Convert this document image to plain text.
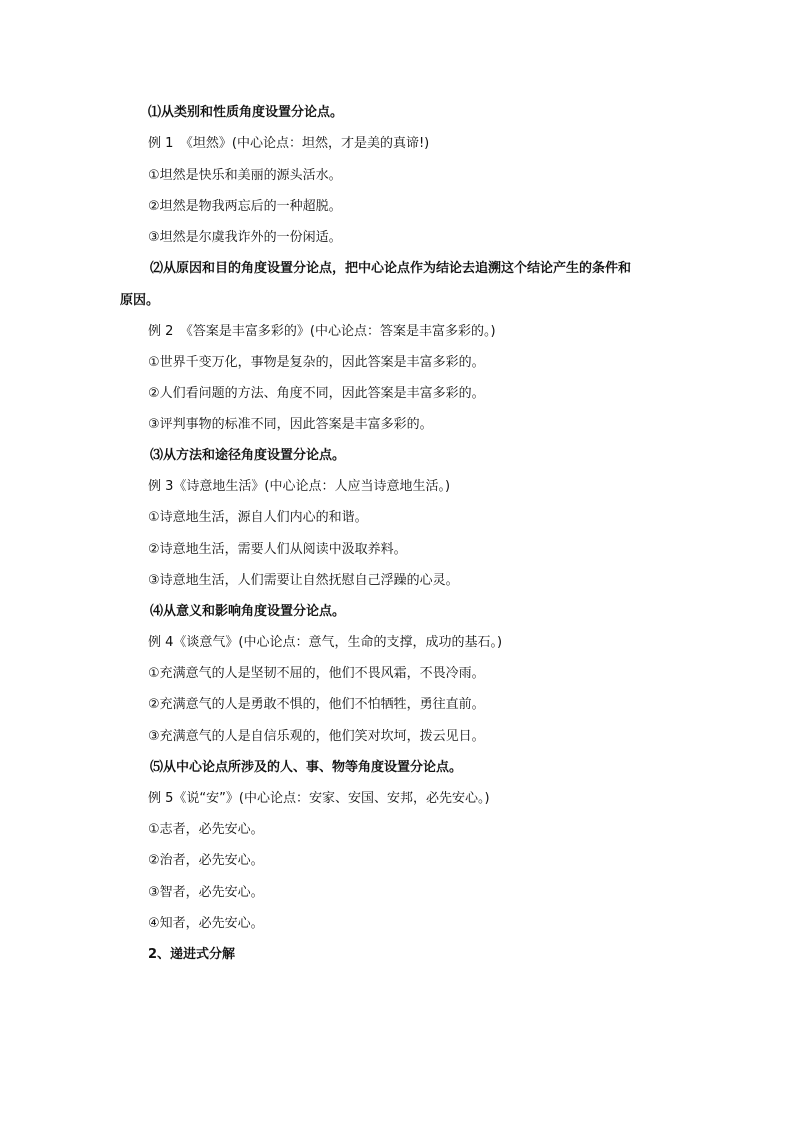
⑴从类别和性质角度设置分论点。
例 1　《坦然》(中心论点：坦然，才是美的真谛!)
①坦然是快乐和美丽的源头活水。
②坦然是物我两忘后的一种超脱。
③坦然是尔虞我诈外的一份闲适。
⑵从原因和目的角度设置分论点，把中心论点作为结论去追溯这个结论产生的条件和
原因。
例 2　《答案是丰富多彩的》(中心论点：答案是丰富多彩的。)
①世界千变万化，事物是复杂的，因此答案是丰富多彩的。
②人们看问题的方法、角度不同，因此答案是丰富多彩的。
③评判事物的标准不同，因此答案是丰富多彩的。
⑶从方法和途径角度设置分论点。
例 3《诗意地生活》(中心论点：人应当诗意地生活。)
①诗意地生活，源自人们内心的和谐。
②诗意地生活，需要人们从阅读中汲取养料。
③诗意地生活，人们需要让自然抚慰自己浮躁的心灵。
⑷从意义和影响角度设置分论点。
例 4《谈意气》(中心论点：意气，生命的支撑，成功的基石。)
①充满意气的人是坚韧不屈的，他们不畏风霜，不畏冷雨。
②充满意气的人是勇敢不惧的，他们不怕牺牲，勇往直前。
③充满意气的人是自信乐观的，他们笑对坎坷，拨云见日。
⑸从中心论点所涉及的人、事、物等角度设置分论点。
例 5《说“安”》(中心论点：安家、安国、安邦，必先安心。)
①志者，必先安心。
②治者，必先安心。
③智者，必先安心。
④知者，必先安心。
2、递进式分解
